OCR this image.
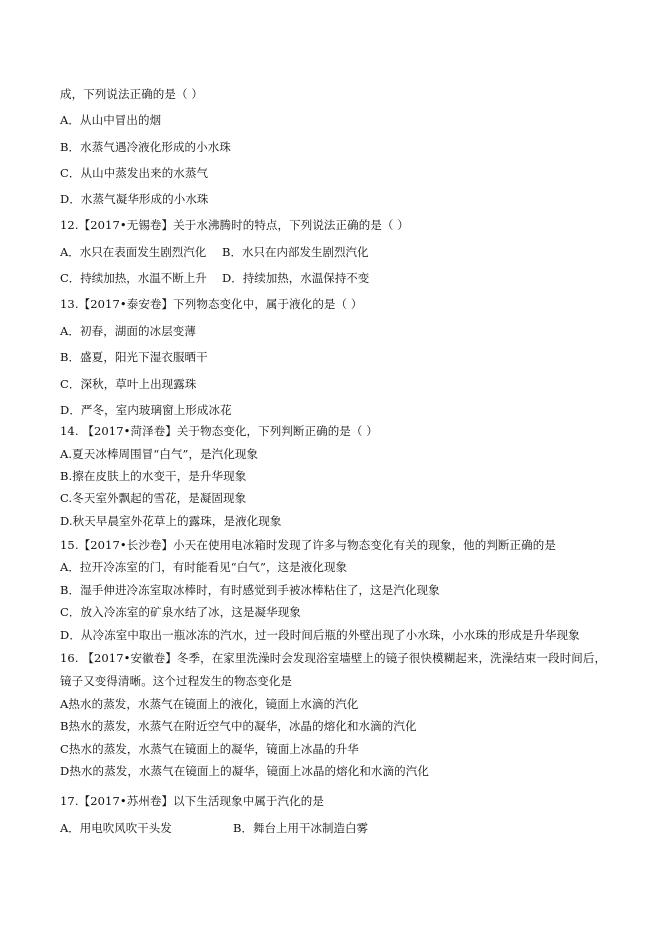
成，下列说法正确的是（ ）
A．从山中冒出的烟
B．水蒸气遇冷液化形成的小水珠
C．从山中蒸发出来的水蒸气
D．水蒸气凝华形成的小水珠
12.【2017•无锡卷】关于水沸腾时的特点，下列说法正确的是（ ）
A．水只在表面发生剧烈汽化 B．水只在内部发生剧烈汽化
C．持续加热，水温不断上升 D．持续加热，水温保持不变
13.【2017•泰安卷】下列物态变化中，属于液化的是（ ）
A．初春，湖面的冰层变薄
B．盛夏，阳光下湿衣服晒干
C．深秋，草叶上出现露珠
D．严冬，室内玻璃窗上形成冰花
14. 【2017•菏泽卷】关于物态变化，下列判断正确的是（ ）
A.夏天冰棒周围冒“白气”，是汽化现象
B.擦在皮肤上的水变干，是升华现象
C.冬天室外飘起的雪花，是凝固现象
D.秋天早晨室外花草上的露珠，是液化现象
15.【2017•长沙卷】小天在使用电冰箱时发现了许多与物态变化有关的现象，他的判断正确的是
A．拉开冷冻室的门，有时能看见“白气”，这是液化现象
B．湿手伸进冷冻室取冰棒时，有时感觉到手被冰棒粘住了，这是汽化现象
C．放入冷冻室的矿泉水结了冰，这是凝华现象
D．从冷冻室中取出一瓶冰冻的汽水，过一段时间后瓶的外壁出现了小水珠，小水珠的形成是升华现象
16. 【2017•安徽卷】冬季，在家里洗澡时会发现浴室墙壁上的镜子很快模糊起来，洗澡结束一段时间后，
镜子又变得清晰。这个过程发生的物态变化是
A热水的蒸发，水蒸气在镜面上的液化，镜面上水滴的汽化
B热水的蒸发，水蒸气在附近空气中的凝华，冰晶的熔化和水滴的汽化
C热水的蒸发，水蒸气在镜面上的凝华，镜面上冰晶的升华
D热水的蒸发，水蒸气在镜面上的凝华，镜面上冰晶的熔化和水滴的汽化
17.【2017•苏州卷】以下生活现象中属于汽化的是
A．用电吹风吹干头发	B．舞台上用干冰制造白雾
